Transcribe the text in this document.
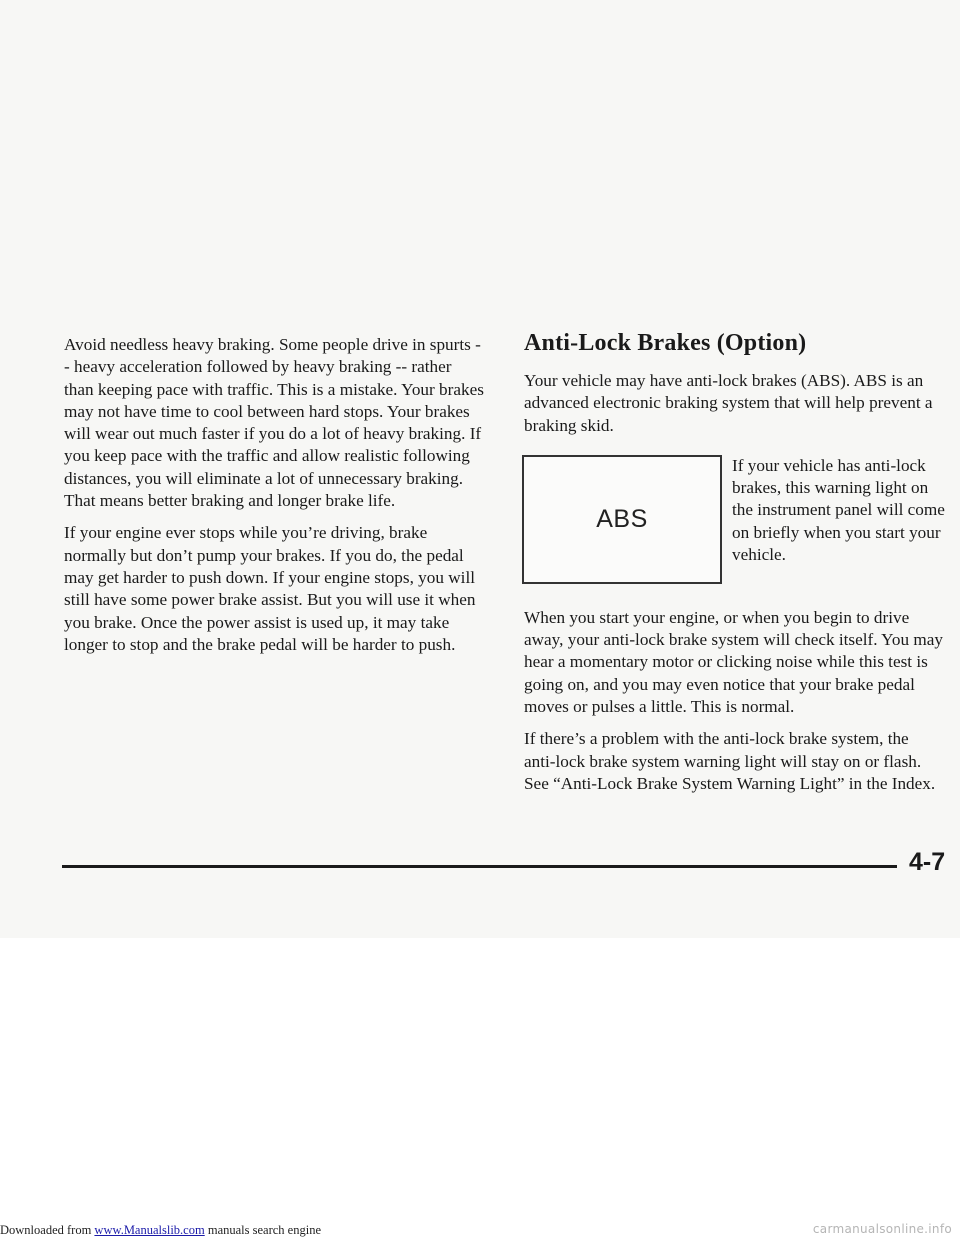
Avoid needless heavy braking. Some people drive in spurts -- heavy acceleration followed by heavy braking -- rather than keeping pace with traffic. This is a mistake. Your brakes may not have time to cool between hard stops. Your brakes will wear out much faster if you do a lot of heavy braking. If you keep pace with the traffic and allow realistic following distances, you will eliminate a lot of unnecessary braking. That means better braking and longer brake life.

If your engine ever stops while you’re driving, brake normally but don’t pump your brakes. If you do, the pedal may get harder to push down. If your engine stops, you will still have some power brake assist. But you will use it when you brake. Once the power assist is used up, it may take longer to stop and the brake pedal will be harder to push.

Anti-Lock Brakes (Option)

Your vehicle may have anti-lock brakes (ABS). ABS is an advanced electronic braking system that will help prevent a braking skid.

ABS

If your vehicle has anti-lock brakes, this warning light on the instrument panel will come on briefly when you start your vehicle.

When you start your engine, or when you begin to drive away, your anti-lock brake system will check itself. You may hear a momentary motor or clicking noise while this test is going on, and you may even notice that your brake pedal moves or pulses a little. This is normal.

If there’s a problem with the anti-lock brake system, the anti-lock brake system warning light will stay on or flash. See “Anti-Lock Brake System Warning Light” in the Index.

4-7
Downloaded from www.Manualslib.com manuals search engine	carmanualsonline.info
